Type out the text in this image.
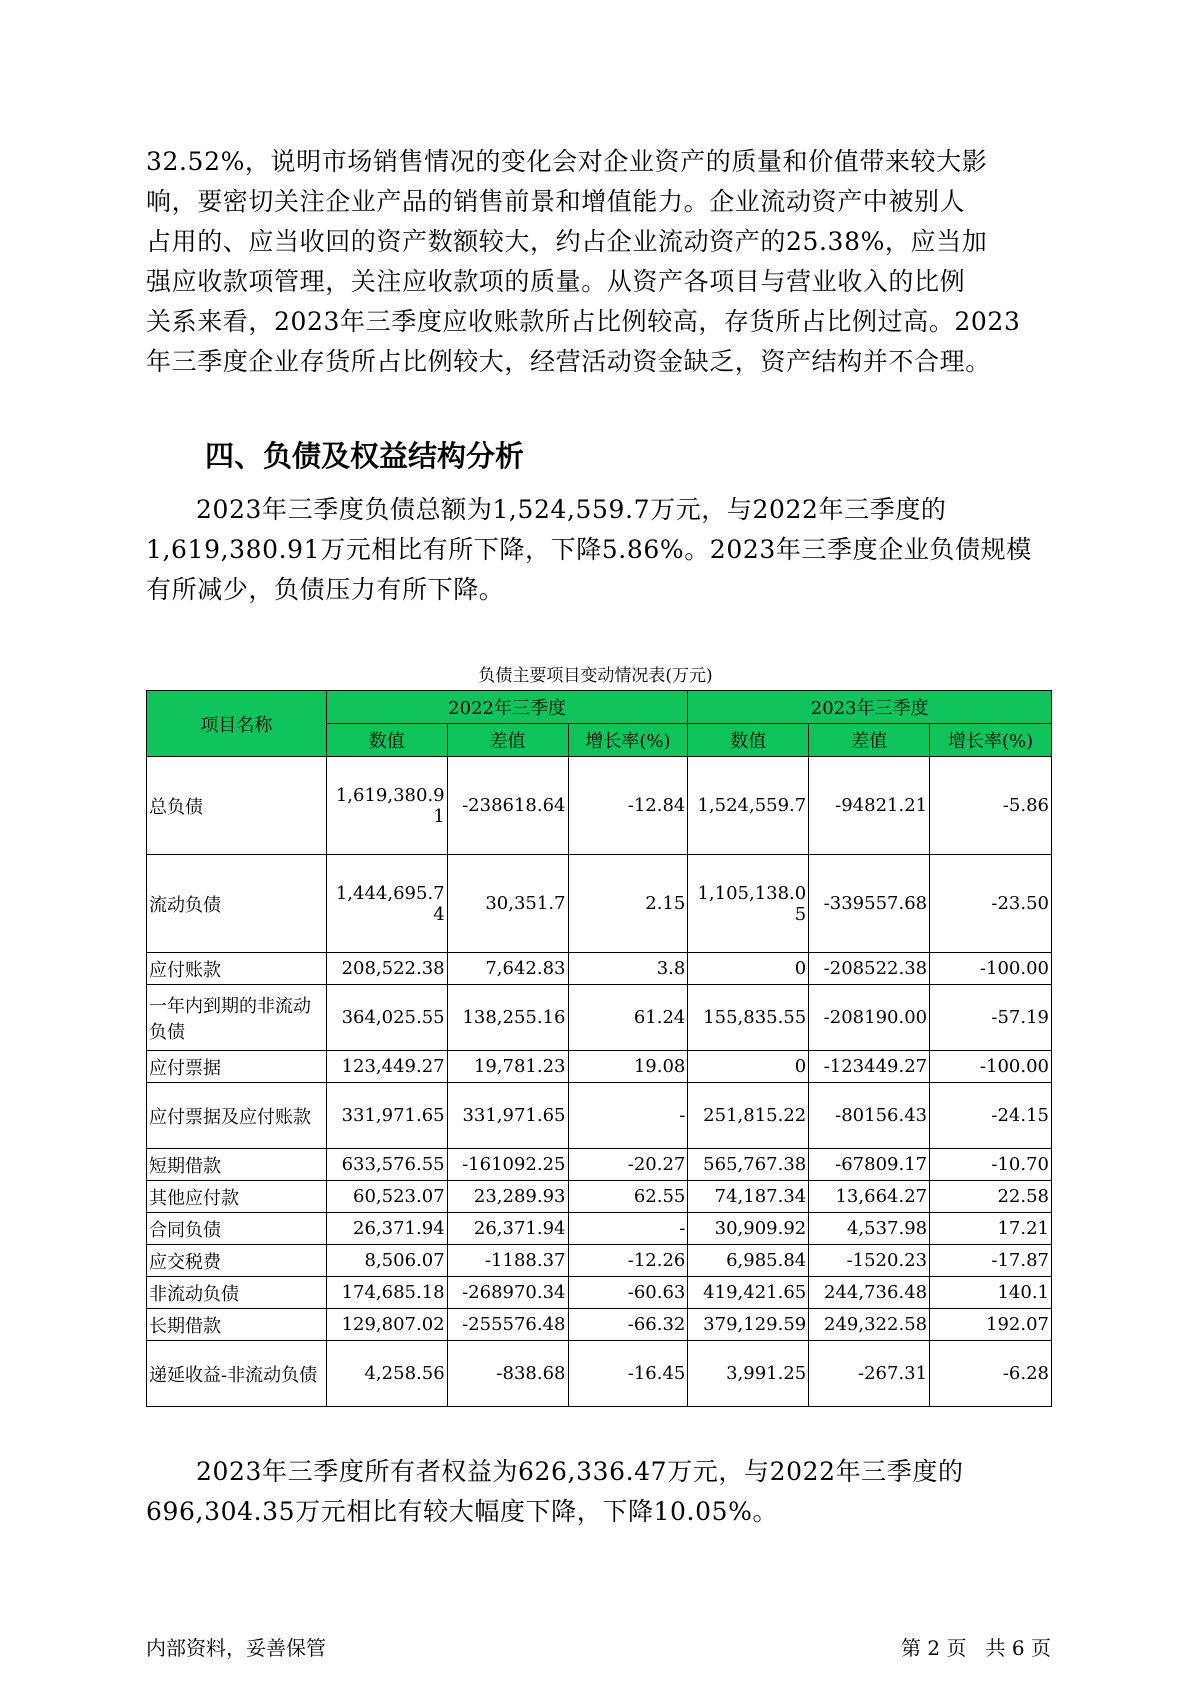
32.52%，说明市场销售情况的变化会对企业资产的质量和价值带来较大影
响，要密切关注企业产品的销售前景和增值能力。企业流动资产中被别人
占用的、应当收回的资产数额较大，约占企业流动资产的25.38%，应当加
强应收款项管理，关注应收款项的质量。从资产各项目与营业收入的比例
关系来看，2023年三季度应收账款所占比例较高，存货所占比例过高。2023
年三季度企业存货所占比例较大，经营活动资金缺乏，资产结构并不合理。
四、负债及权益结构分析
2023年三季度负债总额为1,524,559.7万元，与2022年三季度的
1,619,380.91万元相比有所下降，下降5.86%。2023年三季度企业负债规模
有所减少，负债压力有所下降。
负债主要项目变动情况表(万元)
项目名称	2022年三季度			2023年三季度		
	数值	差值	增长率(%)	数值	差值	增长率(%)
总负债	1,619,380.91	-238618.64	-12.84	1,524,559.7	-94821.21	-5.86
流动负债	1,444,695.74	30,351.7	2.15	1,105,138.05	-339557.68	-23.50
应付账款	208,522.38	7,642.83	3.8	0	-208522.38	-100.00
一年内到期的非流动负债	364,025.55	138,255.16	61.24	155,835.55	-208190.00	-57.19
应付票据	123,449.27	19,781.23	19.08	0	-123449.27	-100.00
应付票据及应付账款	331,971.65	331,971.65	-	251,815.22	-80156.43	-24.15
短期借款	633,576.55	-161092.25	-20.27	565,767.38	-67809.17	-10.70
其他应付款	60,523.07	23,289.93	62.55	74,187.34	13,664.27	22.58
合同负债	26,371.94	26,371.94	-	30,909.92	4,537.98	17.21
应交税费	8,506.07	-1188.37	-12.26	6,985.84	-1520.23	-17.87
非流动负债	174,685.18	-268970.34	-60.63	419,421.65	244,736.48	140.1
长期借款	129,807.02	-255576.48	-66.32	379,129.59	249,322.58	192.07
递延收益-非流动负债	4,258.56	-838.68	-16.45	3,991.25	-267.31	-6.28
2023年三季度所有者权益为626,336.47万元，与2022年三季度的
696,304.35万元相比有较大幅度下降，下降10.05%。
内部资料，妥善保管	第 2 页   共 6 页
